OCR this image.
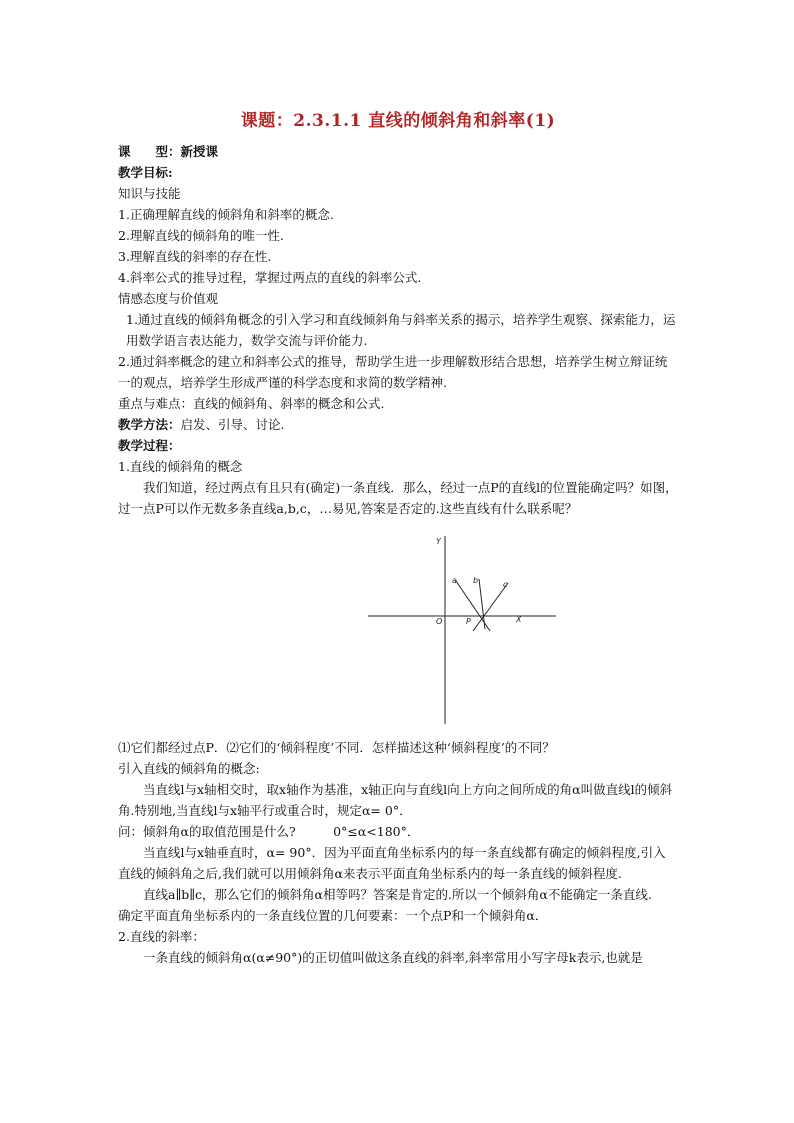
课题：2.3.1.1 直线的倾斜角和斜率(1)
课　　型：新授课
教学目标:
知识与技能
1.正确理解直线的倾斜角和斜率的概念.
2.理解直线的倾斜角的唯一性.
3.理解直线的斜率的存在性.
4.斜率公式的推导过程，掌握过两点的直线的斜率公式.
情感态度与价值观
1.通过直线的倾斜角概念的引入学习和直线倾斜角与斜率关系的揭示，培养学生观察、探索能力，运用数学语言表达能力，数学交流与评价能力.
2.通过斜率概念的建立和斜率公式的推导，帮助学生进一步理解数形结合思想，培养学生树立辩证统一的观点，培养学生形成严谨的科学态度和求简的数学精神.
重点与难点：直线的倾斜角、斜率的概念和公式.
教学方法：启发、引导、讨论.
教学过程：
1.直线的倾斜角的概念
我们知道，经过两点有且只有(确定)一条直线．那么，经过一点P的直线l的位置能确定吗？如图，过一点P可以作无数多条直线a,b,c，…易见,答案是否定的.这些直线有什么联系呢？
Y
X
O	P
a b	c
⑴它们都经过点P．⑵它们的‘倾斜程度’不同．怎样描述这种‘倾斜程度’的不同？
引入直线的倾斜角的概念:
当直线l与x轴相交时，取x轴作为基准，x轴正向与直线l向上方向之间所成的角α叫做直线l的倾斜角.特别地,当直线l与x轴平行或重合时，规定α= 0°．
问：倾斜角α的取值范围是什么?　　　0°≤α<180°．
当直线l与x轴垂直时，α= 90°．因为平面直角坐标系内的每一条直线都有确定的倾斜程度,引入直线的倾斜角之后,我们就可以用倾斜角α来表示平面直角坐标系内的每一条直线的倾斜程度.
直线a∥b∥c，那么它们的倾斜角α相等吗？答案是肯定的.所以一个倾斜角α不能确定一条直线.
确定平面直角坐标系内的一条直线位置的几何要素：一个点P和一个倾斜角α．
2.直线的斜率：
一条直线的倾斜角α(α≠90°)的正切值叫做这条直线的斜率,斜率常用小写字母k表示,也就是
